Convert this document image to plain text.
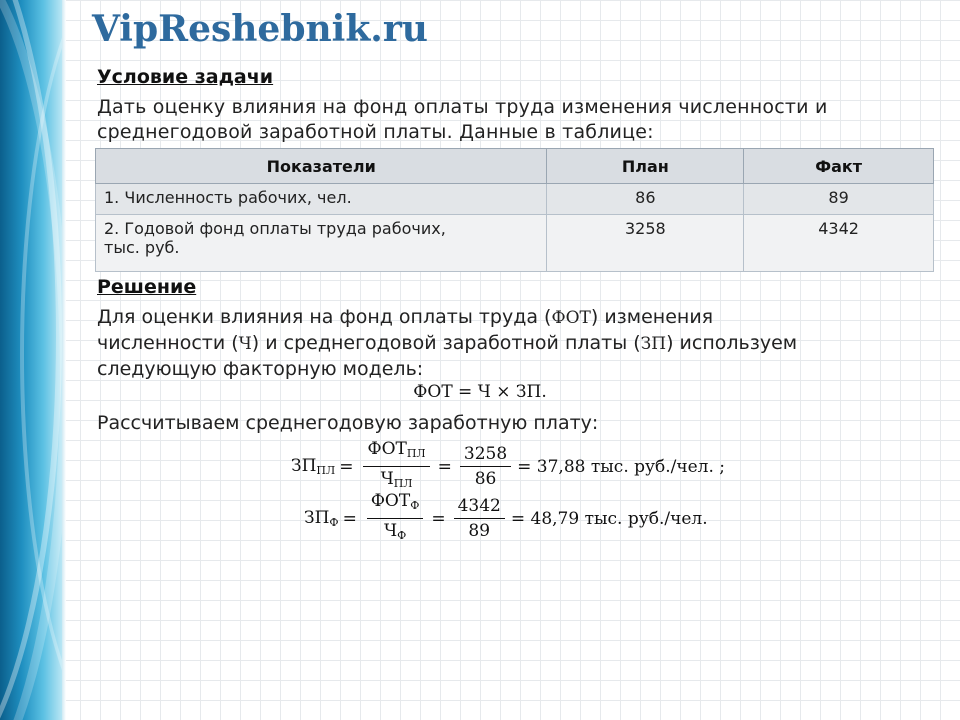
VipReshebnik.ru
Условие задачи
Дать оценку влияния на фонд оплаты труда изменения численности и
среднегодовой заработной платы. Данные в таблице:
Показатели	План	Факт
1. Численность рабочих, чел.	86	89

2. Годовой фонд оплаты труда рабочих,
тыс. руб.	3258	4342
Решение
Для оценки влияния на фонд оплаты труда (ФОТ) изменения
численности (Ч) и среднегодовой заработной платы (ЗП) используем
следующую факторную модель:
ФОТ = Ч × ЗП.
Рассчитываем среднегодовую заработную плату:
$ЗП_{ПЛ} = \frac{ФОТ_{ПЛ}}{Ч_{ПЛ}} = \frac{3258}{86} = 37,88$ тыс. руб./чел. ;
$ЗП_Ф = \frac{ФОТ_Ф}{Ч_Ф} = \frac{4342}{89} = 48,79$ тыс. руб./чел.
